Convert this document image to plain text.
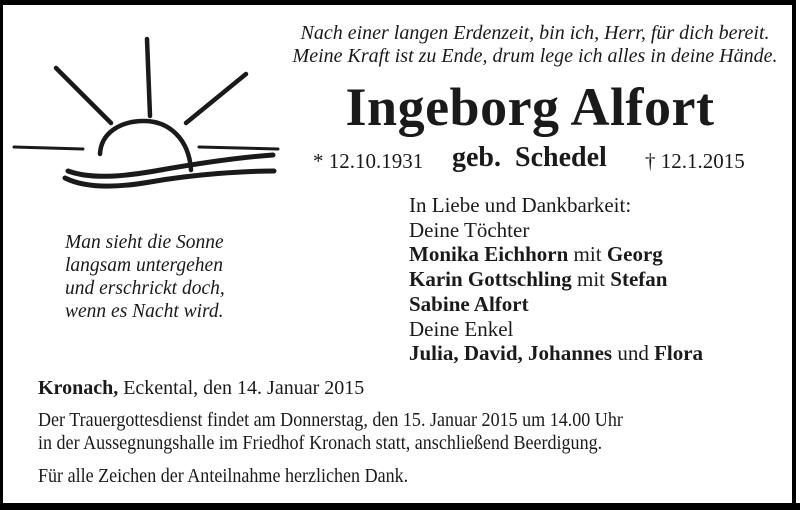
Nach einer langen Erdenzeit, bin ich, Herr, für dich bereit.
Meine Kraft ist zu Ende, drum lege ich alles in deine Hände.
Ingeborg Alfort
* 12.10.1931 geb. Schedel † 12.1.2015
Man sieht die Sonne
langsam untergehen
und erschrickt doch,
wenn es Nacht wird.
In Liebe und Dankbarkeit:
Deine Töchter
Monika Eichhorn mit Georg
Karin Gottschling mit Stefan
Sabine Alfort
Deine Enkel
Julia, David, Johannes und Flora
Kronach, Eckental, den 14. Januar 2015
Der Trauergottesdienst findet am Donnerstag, den 15. Januar 2015 um 14.00 Uhr
in der Aussegnungshalle im Friedhof Kronach statt, anschließend Beerdigung.
Für alle Zeichen der Anteilnahme herzlichen Dank.
